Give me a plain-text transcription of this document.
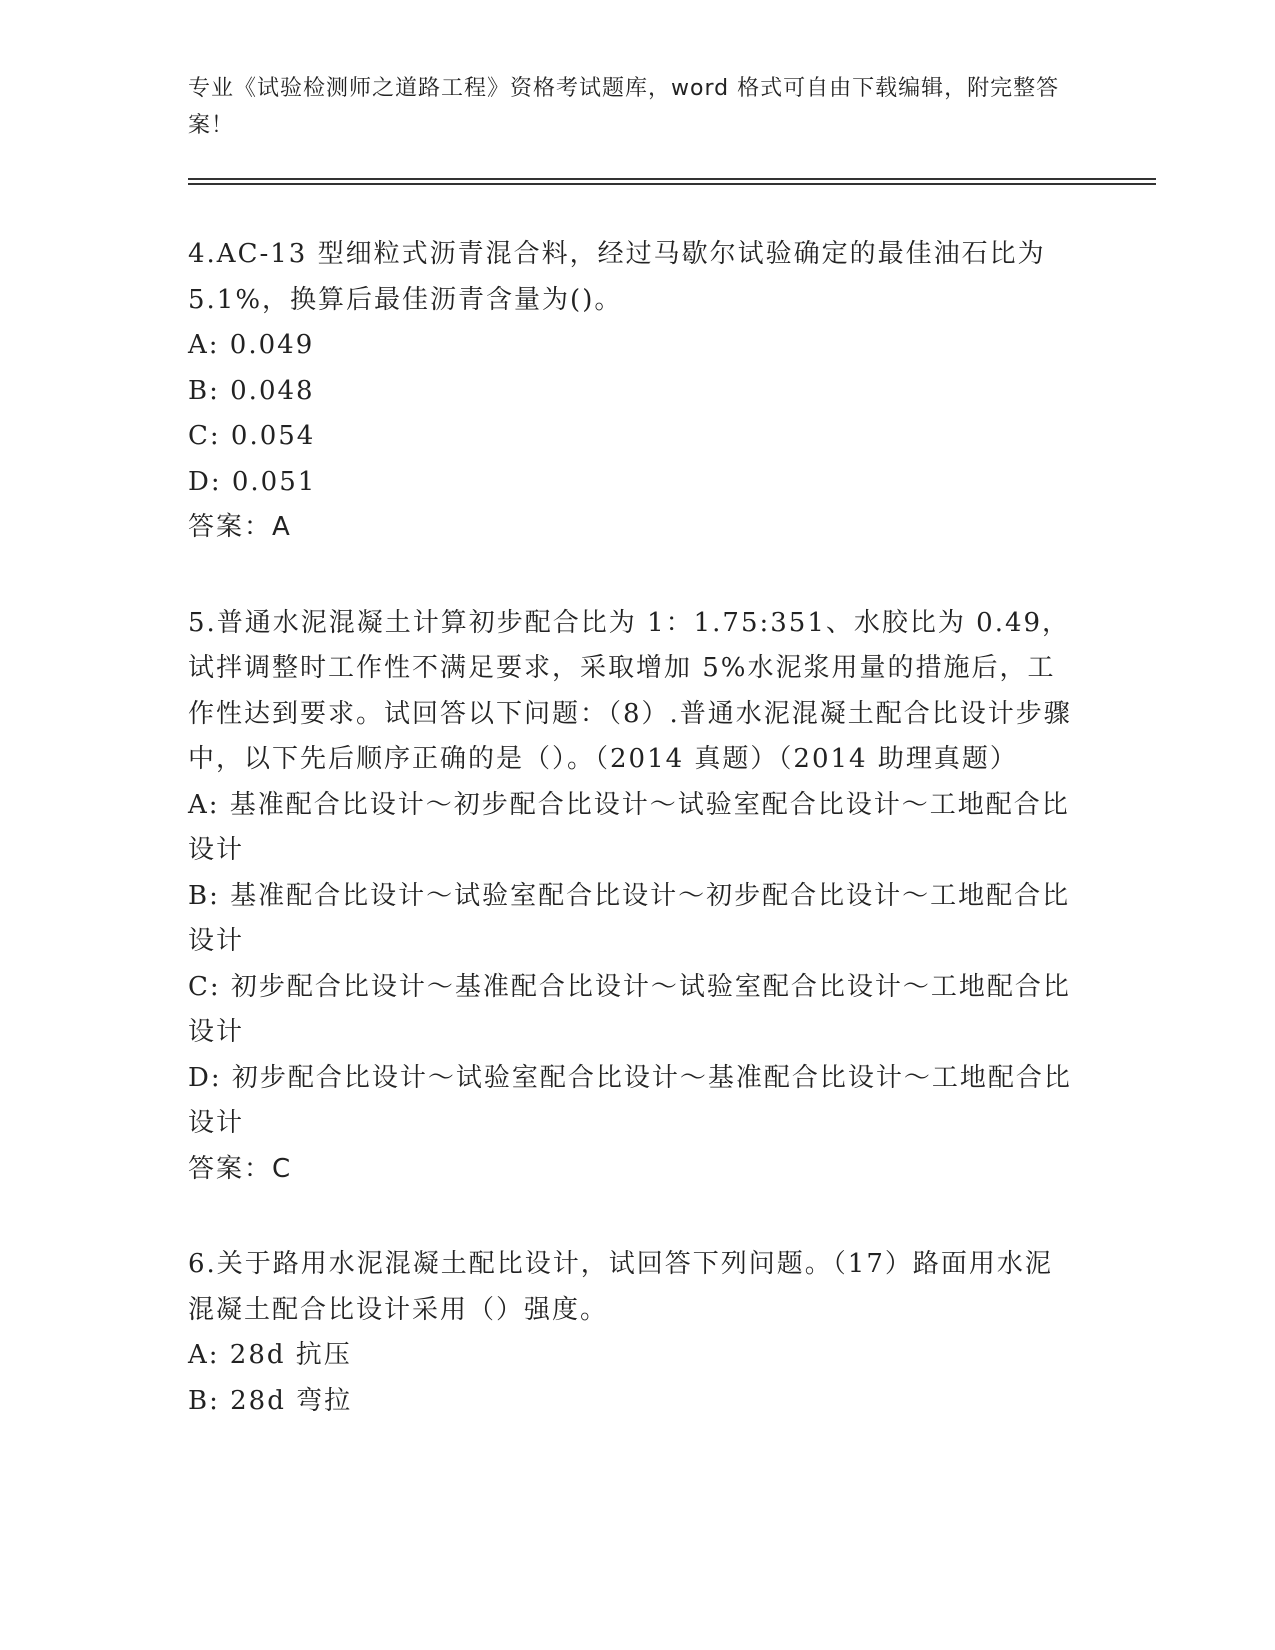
专业《试验检测师之道路工程》资格考试题库，word 格式可自由下载编辑，附完整答案！

4.AC-13 型细粒式沥青混合料，经过马歇尔试验确定的最佳油石比为 5.1%，换算后最佳沥青含量为()。

A: 0.049

B: 0.048

C: 0.054

D: 0.051

答案：A

5.普通水泥混凝土计算初步配合比为 1：1.75:351、水胶比为 0.49，试拌调整时工作性不满足要求，采取增加 5%水泥浆用量的措施后，工作性达到要求。试回答以下问题：（8）.普通水泥混凝土配合比设计步骤中，以下先后顺序正确的是（）。（2014 真题）（2014 助理真题）

A: 基准配合比设计～初步配合比设计～试验室配合比设计～工地配合比设计

B: 基准配合比设计～试验室配合比设计～初步配合比设计～工地配合比设计

C: 初步配合比设计～基准配合比设计～试验室配合比设计～工地配合比设计

D: 初步配合比设计～试验室配合比设计～基准配合比设计～工地配合比设计

答案：C

6.关于路用水泥混凝土配比设计，试回答下列问题。（17）路面用水泥混凝土配合比设计采用（）强度。

A: 28d 抗压

B: 28d 弯拉
